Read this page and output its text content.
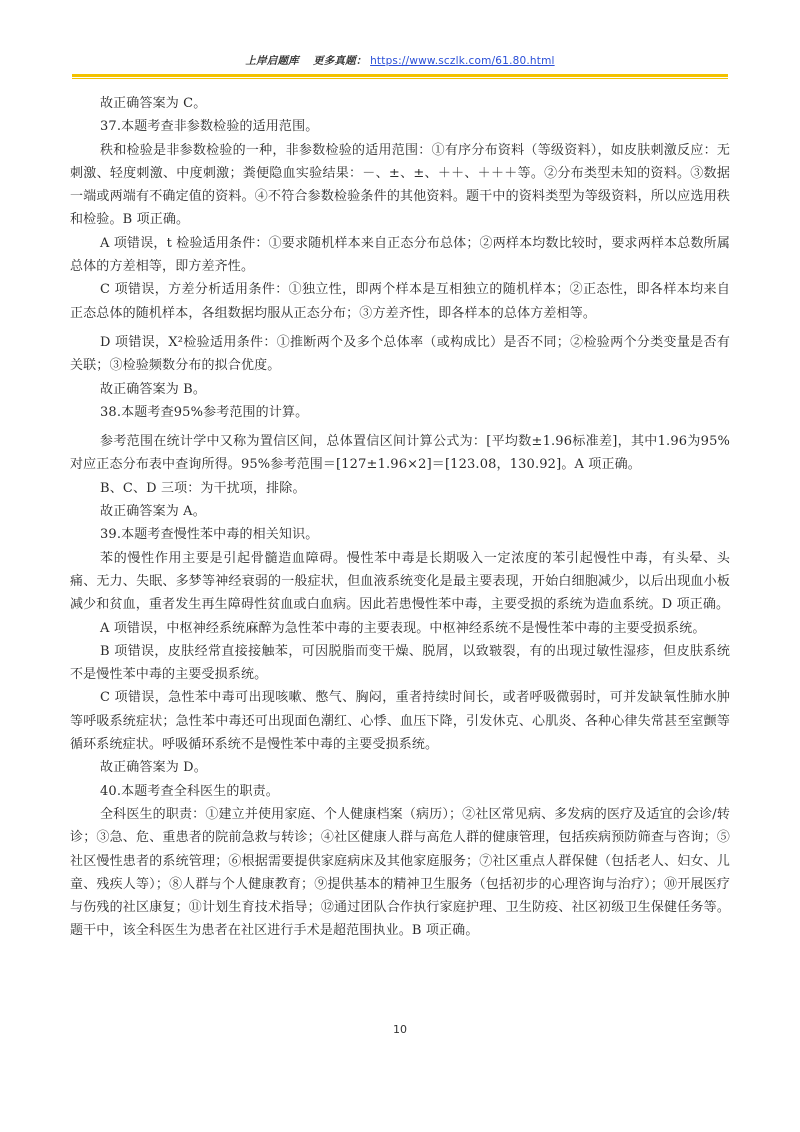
上岸启题库 更多真题： https://www.sczlk.com/61.80.html

故正确答案为 C。

37.本题考查非参数检验的适用范围。

秩和检验是非参数检验的一种，非参数检验的适用范围：①有序分布资料（等级资料），如皮肤刺激反应：无刺激、轻度刺激、中度刺激；粪便隐血实验结果：－、±、±、＋＋、＋＋＋等。②分布类型未知的资料。③数据一端或两端有不确定值的资料。④不符合参数检验条件的其他资料。题干中的资料类型为等级资料，所以应选用秩和检验。B 项正确。

A 项错误，t 检验适用条件：①要求随机样本来自正态分布总体；②两样本均数比较时，要求两样本总数所属总体的方差相等，即方差齐性。

C 项错误，方差分析适用条件：①独立性，即两个样本是互相独立的随机样本；②正态性，即各样本均来自正态总体的随机样本，各组数据均服从正态分布；③方差齐性，即各样本的总体方差相等。

D 项错误，X²检验适用条件：①推断两个及多个总体率（或构成比）是否不同；②检验两个分类变量是否有关联；③检验频数分布的拟合优度。

故正确答案为 B。

38.本题考查95%参考范围的计算。

参考范围在统计学中又称为置信区间，总体置信区间计算公式为：[平均数±1.96标准差]，其中1.96为95%对应正态分布表中查询所得。95%参考范围＝[127±1.96×2]＝[123.08，130.92]。A 项正确。

B、C、D 三项：为干扰项，排除。

故正确答案为 A。

39.本题考查慢性苯中毒的相关知识。

苯的慢性作用主要是引起骨髓造血障碍。慢性苯中毒是长期吸入一定浓度的苯引起慢性中毒，有头晕、头痛、无力、失眠、多梦等神经衰弱的一般症状，但血液系统变化是最主要表现，开始白细胞减少，以后出现血小板减少和贫血，重者发生再生障碍性贫血或白血病。因此若患慢性苯中毒，主要受损的系统为造血系统。D 项正确。

A 项错误，中枢神经系统麻醉为急性苯中毒的主要表现。中枢神经系统不是慢性苯中毒的主要受损系统。

B 项错误，皮肤经常直接接触苯，可因脱脂而变干燥、脱屑，以致皲裂，有的出现过敏性湿疹，但皮肤系统不是慢性苯中毒的主要受损系统。

C 项错误，急性苯中毒可出现咳嗽、憋气、胸闷，重者持续时间长，或者呼吸微弱时，可并发缺氧性肺水肿等呼吸系统症状；急性苯中毒还可出现面色潮红、心悸、血压下降，引发休克、心肌炎、各种心律失常甚至室颤等循环系统症状。呼吸循环系统不是慢性苯中毒的主要受损系统。

故正确答案为 D。

40.本题考查全科医生的职责。

全科医生的职责：①建立并使用家庭、个人健康档案（病历）；②社区常见病、多发病的医疗及适宜的会诊/转诊；③急、危、重患者的院前急救与转诊；④社区健康人群与高危人群的健康管理，包括疾病预防筛查与咨询；⑤社区慢性患者的系统管理；⑥根据需要提供家庭病床及其他家庭服务；⑦社区重点人群保健（包括老人、妇女、儿童、残疾人等）；⑧人群与个人健康教育；⑨提供基本的精神卫生服务（包括初步的心理咨询与治疗）；⑩开展医疗与伤残的社区康复；⑪计划生育技术指导；⑫通过团队合作执行家庭护理、卫生防疫、社区初级卫生保健任务等。题干中，该全科医生为患者在社区进行手术是超范围执业。B 项正确。

10
